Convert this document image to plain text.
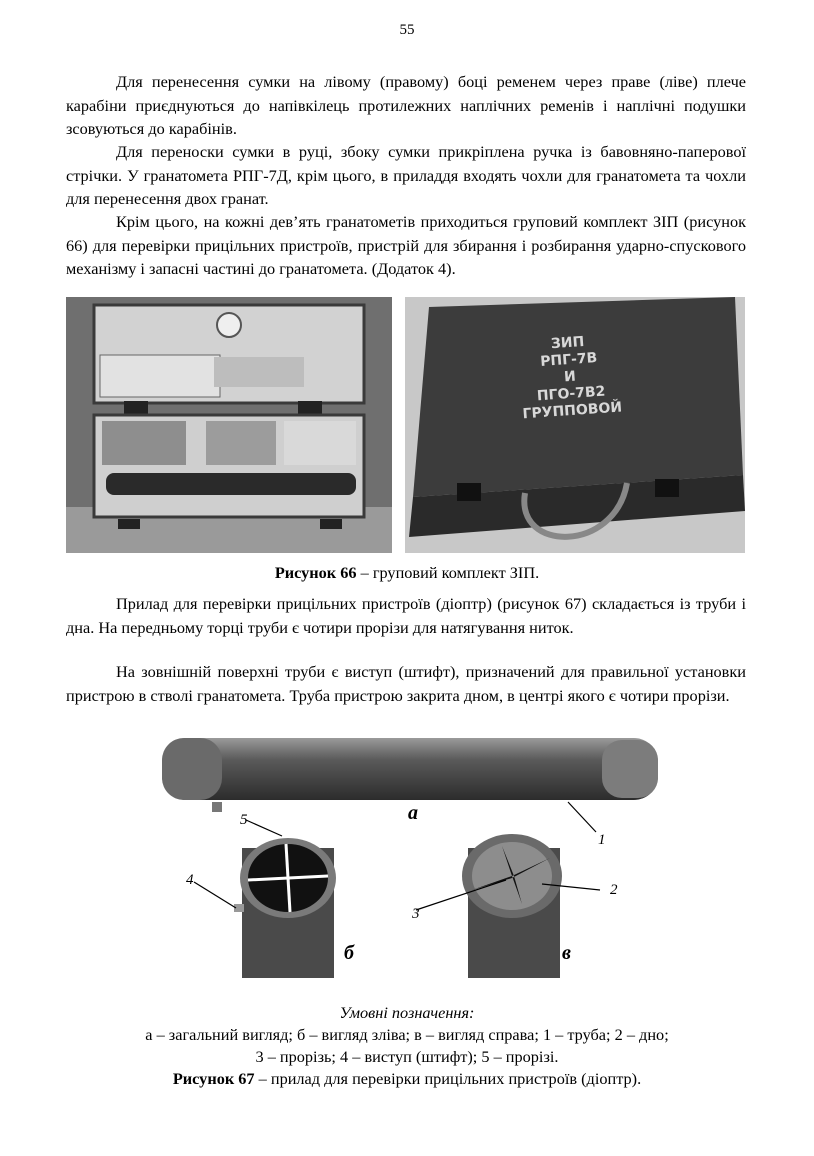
55

Для перенесення сумки на лівому (правому) боці ременем через праве (ліве) плече карабіни приєднуються до напівкілець протилежних наплічних ременів і наплічні подушки зсовуються до карабінів.

Для переноски сумки в руці, збоку сумки прикріплена ручка із бавовняно-паперової стрічки. У гранатомета РПГ-7Д, крім цього, в приладдя входять чохли для гранатомета та чохли для перенесення двох гранат.

Крім цього, на кожні дев’ять гранатометів приходиться груповий комплект ЗІП (рисунок 66) для перевірки прицільних пристроїв, пристрій для збирання і розбирання ударно-спускового механізму і запасні частині до гранатомета. (Додаток 4).

ЗИП
РПГ-7В
И
ПГО-7В2
ГРУППОВОЙ
Рисунок 66 – груповий комплект ЗІП.

Прилад для перевірки прицільних пристроїв (діоптр) (рисунок 67) складається із труби і дна. На передньому торці труби є чотири прорізи для натягування ниток.

На зовнішній поверхні труби є виступ (штифт), призначений для правильної установки пристрою в стволі гранатомета. Труба пристрою закрита дном, в центрі якого є чотири прорізи.

а
б	в
1
2
3
4
5
Умовні позначення:
а – загальний вигляд; б – вигляд зліва; в – вигляд справа; 1 – труба; 2 – дно;
3 – прорізь; 4 – виступ (штифт); 5 – прорізі.
Рисунок 67 – прилад для перевірки прицільних пристроїв (діоптр).
